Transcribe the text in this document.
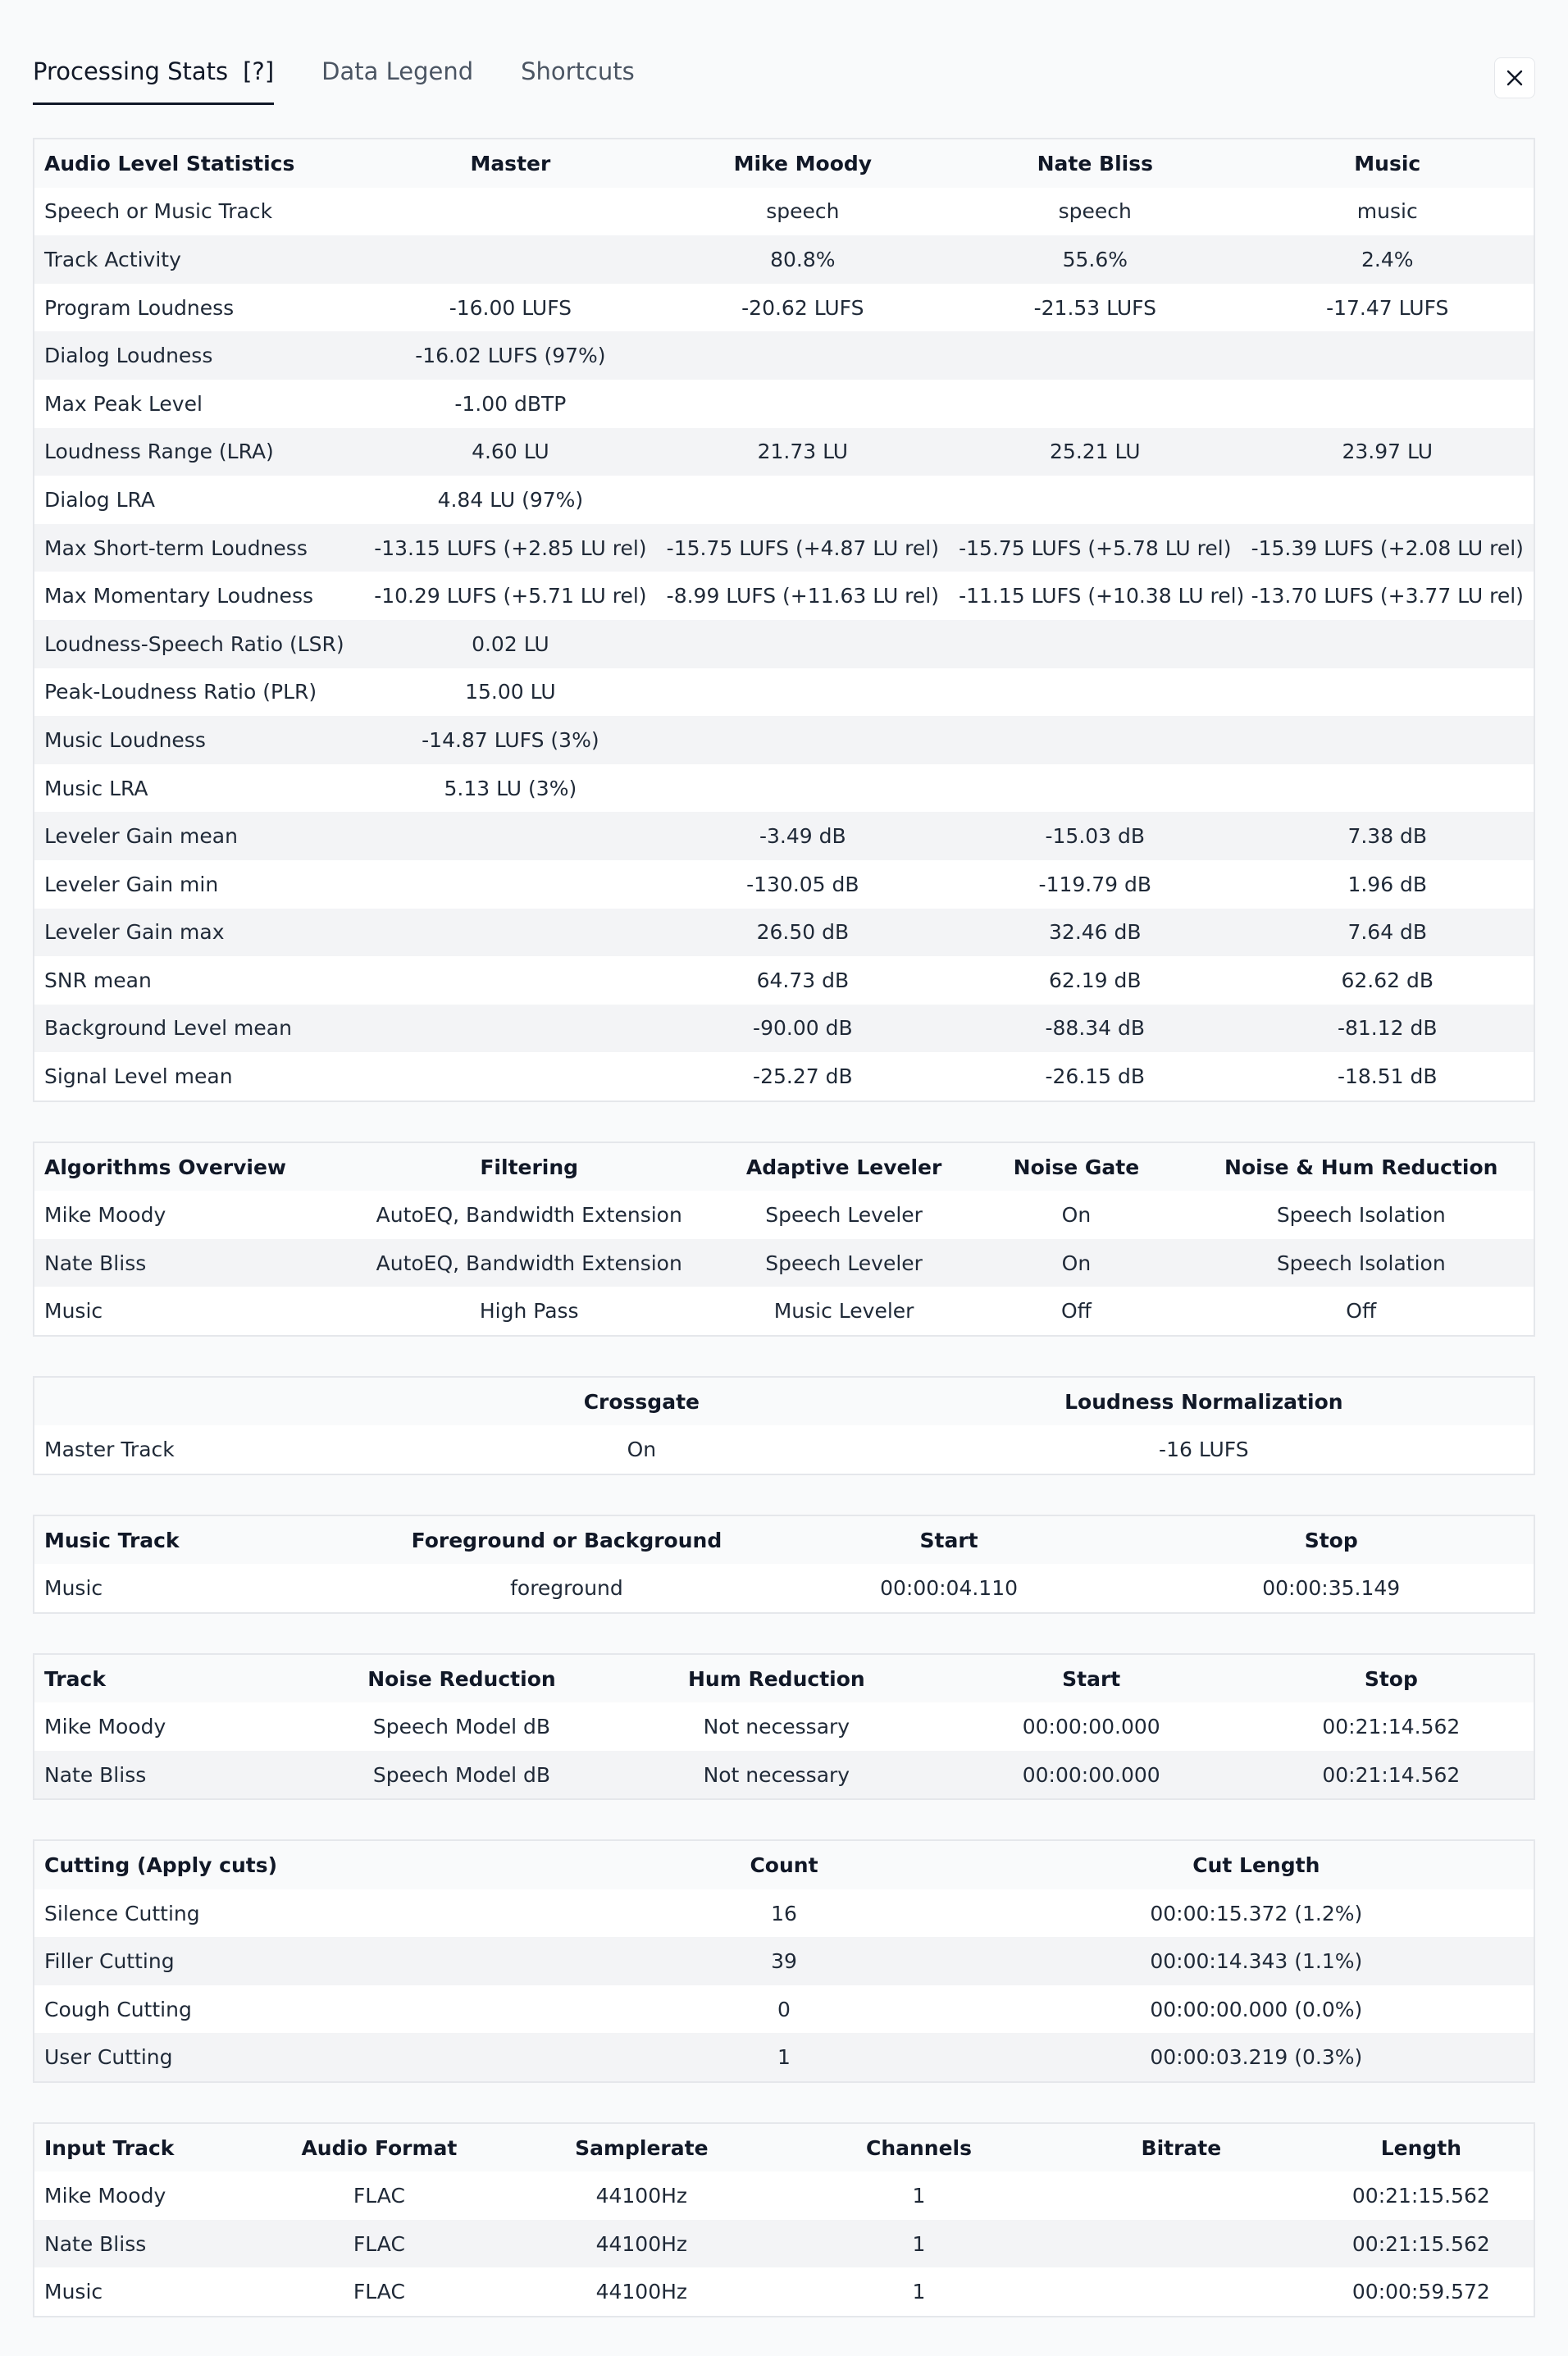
Processing Stats [?] Data Legend Shortcuts
Audio Level Statistics	Master	Mike Moody	Nate Bliss	Music
Speech or Music Track		speech	speech	music
Track Activity		80.8%	55.6%	2.4%
Program Loudness	-16.00 LUFS	-20.62 LUFS	-21.53 LUFS	-17.47 LUFS
Dialog Loudness	-16.02 LUFS (97%)			
Max Peak Level	-1.00 dBTP			
Loudness Range (LRA)	4.60 LU	21.73 LU	25.21 LU	23.97 LU
Dialog LRA	4.84 LU (97%)			
Max Short-term Loudness	-13.15 LUFS (+2.85 LU rel)	-15.75 LUFS (+4.87 LU rel)	-15.75 LUFS (+5.78 LU rel)	-15.39 LUFS (+2.08 LU rel)
Max Momentary Loudness	-10.29 LUFS (+5.71 LU rel)	-8.99 LUFS (+11.63 LU rel)	-11.15 LUFS (+10.38 LU rel)	-13.70 LUFS (+3.77 LU rel)
Loudness-Speech Ratio (LSR)	0.02 LU			
Peak-Loudness Ratio (PLR)	15.00 LU			
Music Loudness	-14.87 LUFS (3%)			
Music LRA	5.13 LU (3%)			
Leveler Gain mean		-3.49 dB	-15.03 dB	7.38 dB
Leveler Gain min		-130.05 dB	-119.79 dB	1.96 dB
Leveler Gain max		26.50 dB	32.46 dB	7.64 dB
SNR mean		64.73 dB	62.19 dB	62.62 dB
Background Level mean		-90.00 dB	-88.34 dB	-81.12 dB
Signal Level mean		-25.27 dB	-26.15 dB	-18.51 dB
Algorithms Overview	Filtering	Adaptive Leveler	Noise Gate	Noise & Hum Reduction
Mike Moody	AutoEQ, Bandwidth Extension	Speech Leveler	On	Speech Isolation
Nate Bliss	AutoEQ, Bandwidth Extension	Speech Leveler	On	Speech Isolation
Music	High Pass	Music Leveler	Off	Off
	Crossgate	Loudness Normalization
Master Track	On	-16 LUFS
Music Track	Foreground or Background	Start	Stop
Music	foreground	00:00:04.110	00:00:35.149
Track	Noise Reduction	Hum Reduction	Start	Stop
Mike Moody	Speech Model dB	Not necessary	00:00:00.000	00:21:14.562
Nate Bliss	Speech Model dB	Not necessary	00:00:00.000	00:21:14.562
Cutting (Apply cuts)	Count	Cut Length
Silence Cutting	16	00:00:15.372 (1.2%)
Filler Cutting	39	00:00:14.343 (1.1%)
Cough Cutting	0	00:00:00.000 (0.0%)
User Cutting	1	00:00:03.219 (0.3%)
Input Track	Audio Format	Samplerate	Channels	Bitrate	Length
Mike Moody	FLAC	44100Hz	1		00:21:15.562
Nate Bliss	FLAC	44100Hz	1		00:21:15.562
Music	FLAC	44100Hz	1		00:00:59.572
